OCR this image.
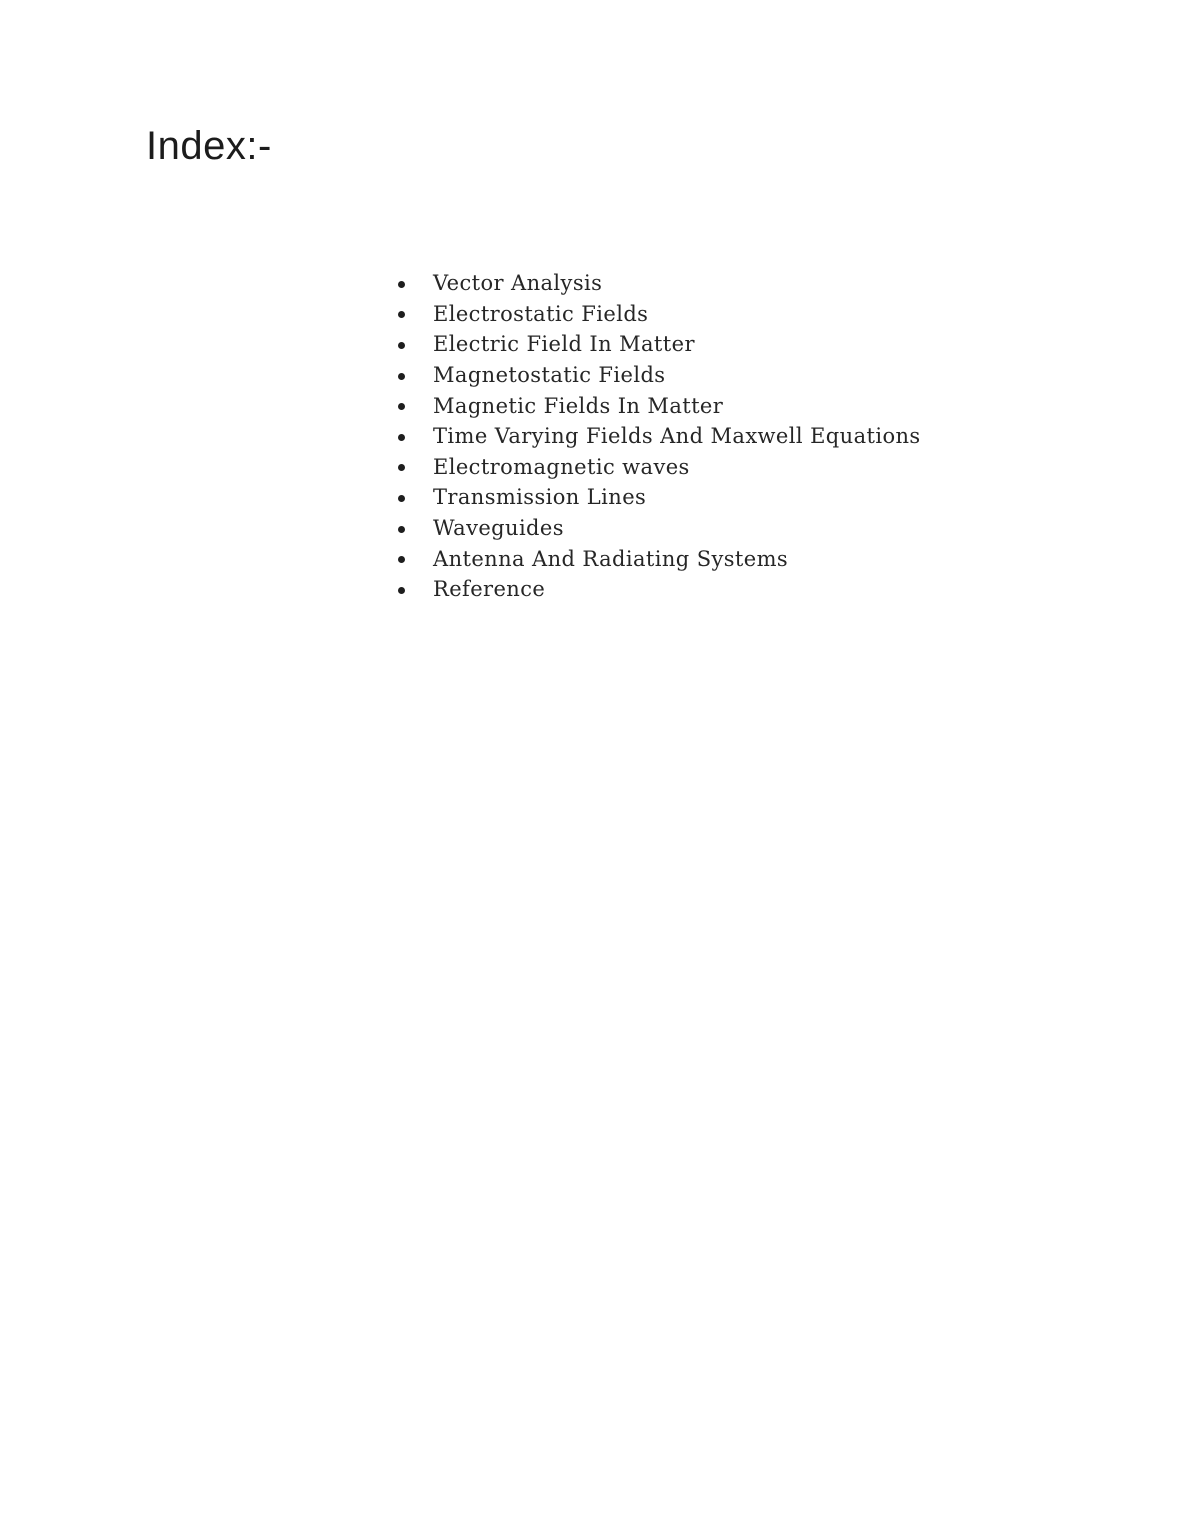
Index:-
Vector Analysis
Electrostatic Fields
Electric Field In Matter
Magnetostatic Fields
Magnetic Fields In Matter
Time Varying Fields And Maxwell Equations
Electromagnetic waves
Transmission Lines
Waveguides
Antenna And Radiating Systems
Reference
